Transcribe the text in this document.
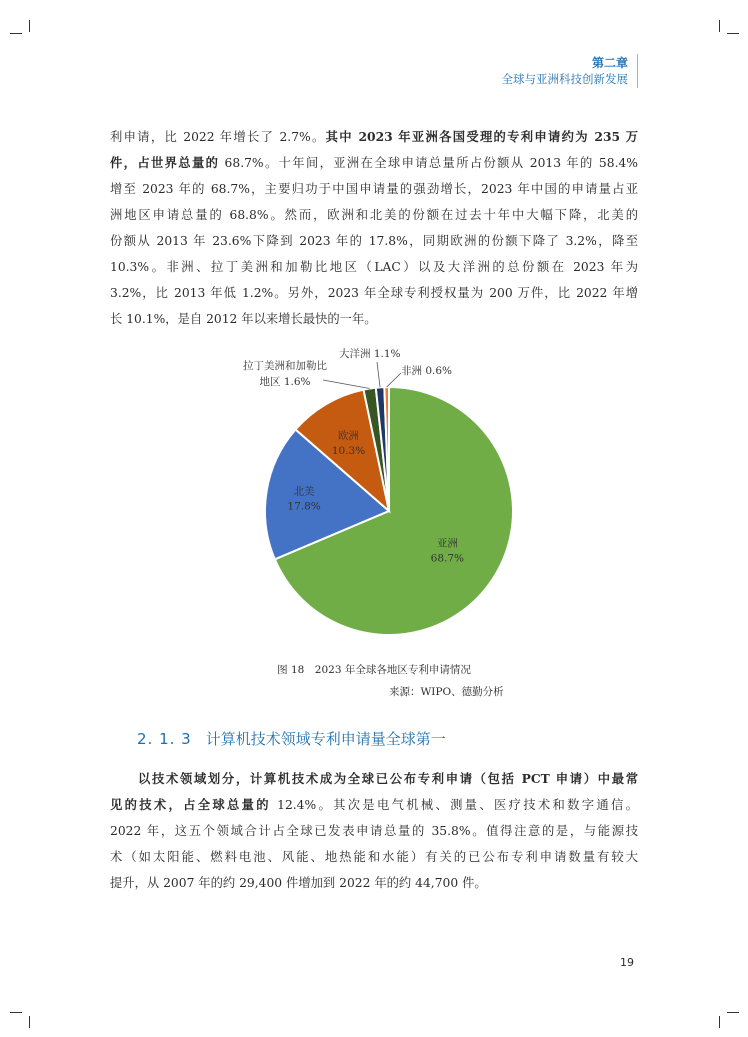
第二章
全球与亚洲科技创新发展
利申请，比 2022 年增长了 2.7%。其中 2023 年亚洲各国受理的专利申请约为 235 万
件，占世界总量的 68.7%。十年间，亚洲在全球申请总量所占份额从 2013 年的 58.4%
增至 2023 年的 68.7%，主要归功于中国申请量的强劲增长，2023 年中国的申请量占亚
洲地区申请总量的 68.8%。然而，欧洲和北美的份额在过去十年中大幅下降，北美的
份额从 2013 年 23.6%下降到 2023 年的 17.8%，同期欧洲的份额下降了 3.2%，降至
10.3%。非洲、拉丁美洲和加勒比地区（LAC）以及大洋洲的总份额在 2023 年为
3.2%，比 2013 年低 1.2%。另外，2023 年全球专利授权量为 200 万件，比 2022 年增
长 10.1%，是自 2012 年以来增长最快的一年。
亚洲
68.7%
北美
17.8%
欧洲
10.3%
拉丁美洲和加勒比
地区 1.6%
大洋洲 1.1%
非洲 0.6%
图 18　2023 年全球各地区专利申请情况
来源：WIPO、德勤分析
2. 1. 3 计算机技术领域专利申请量全球第一
以技术领域划分，计算机技术成为全球已公布专利申请（包括 PCT 申请）中最常
见的技术，占全球总量的 12.4%。其次是电气机械、测量、医疗技术和数字通信。
2022 年，这五个领域合计占全球已发表申请总量的 35.8%。值得注意的是，与能源技
术（如太阳能、燃料电池、风能、地热能和水能）有关的已公布专利申请数量有较大
提升，从 2007 年的约 29,400 件增加到 2022 年的约 44,700 件。
19
